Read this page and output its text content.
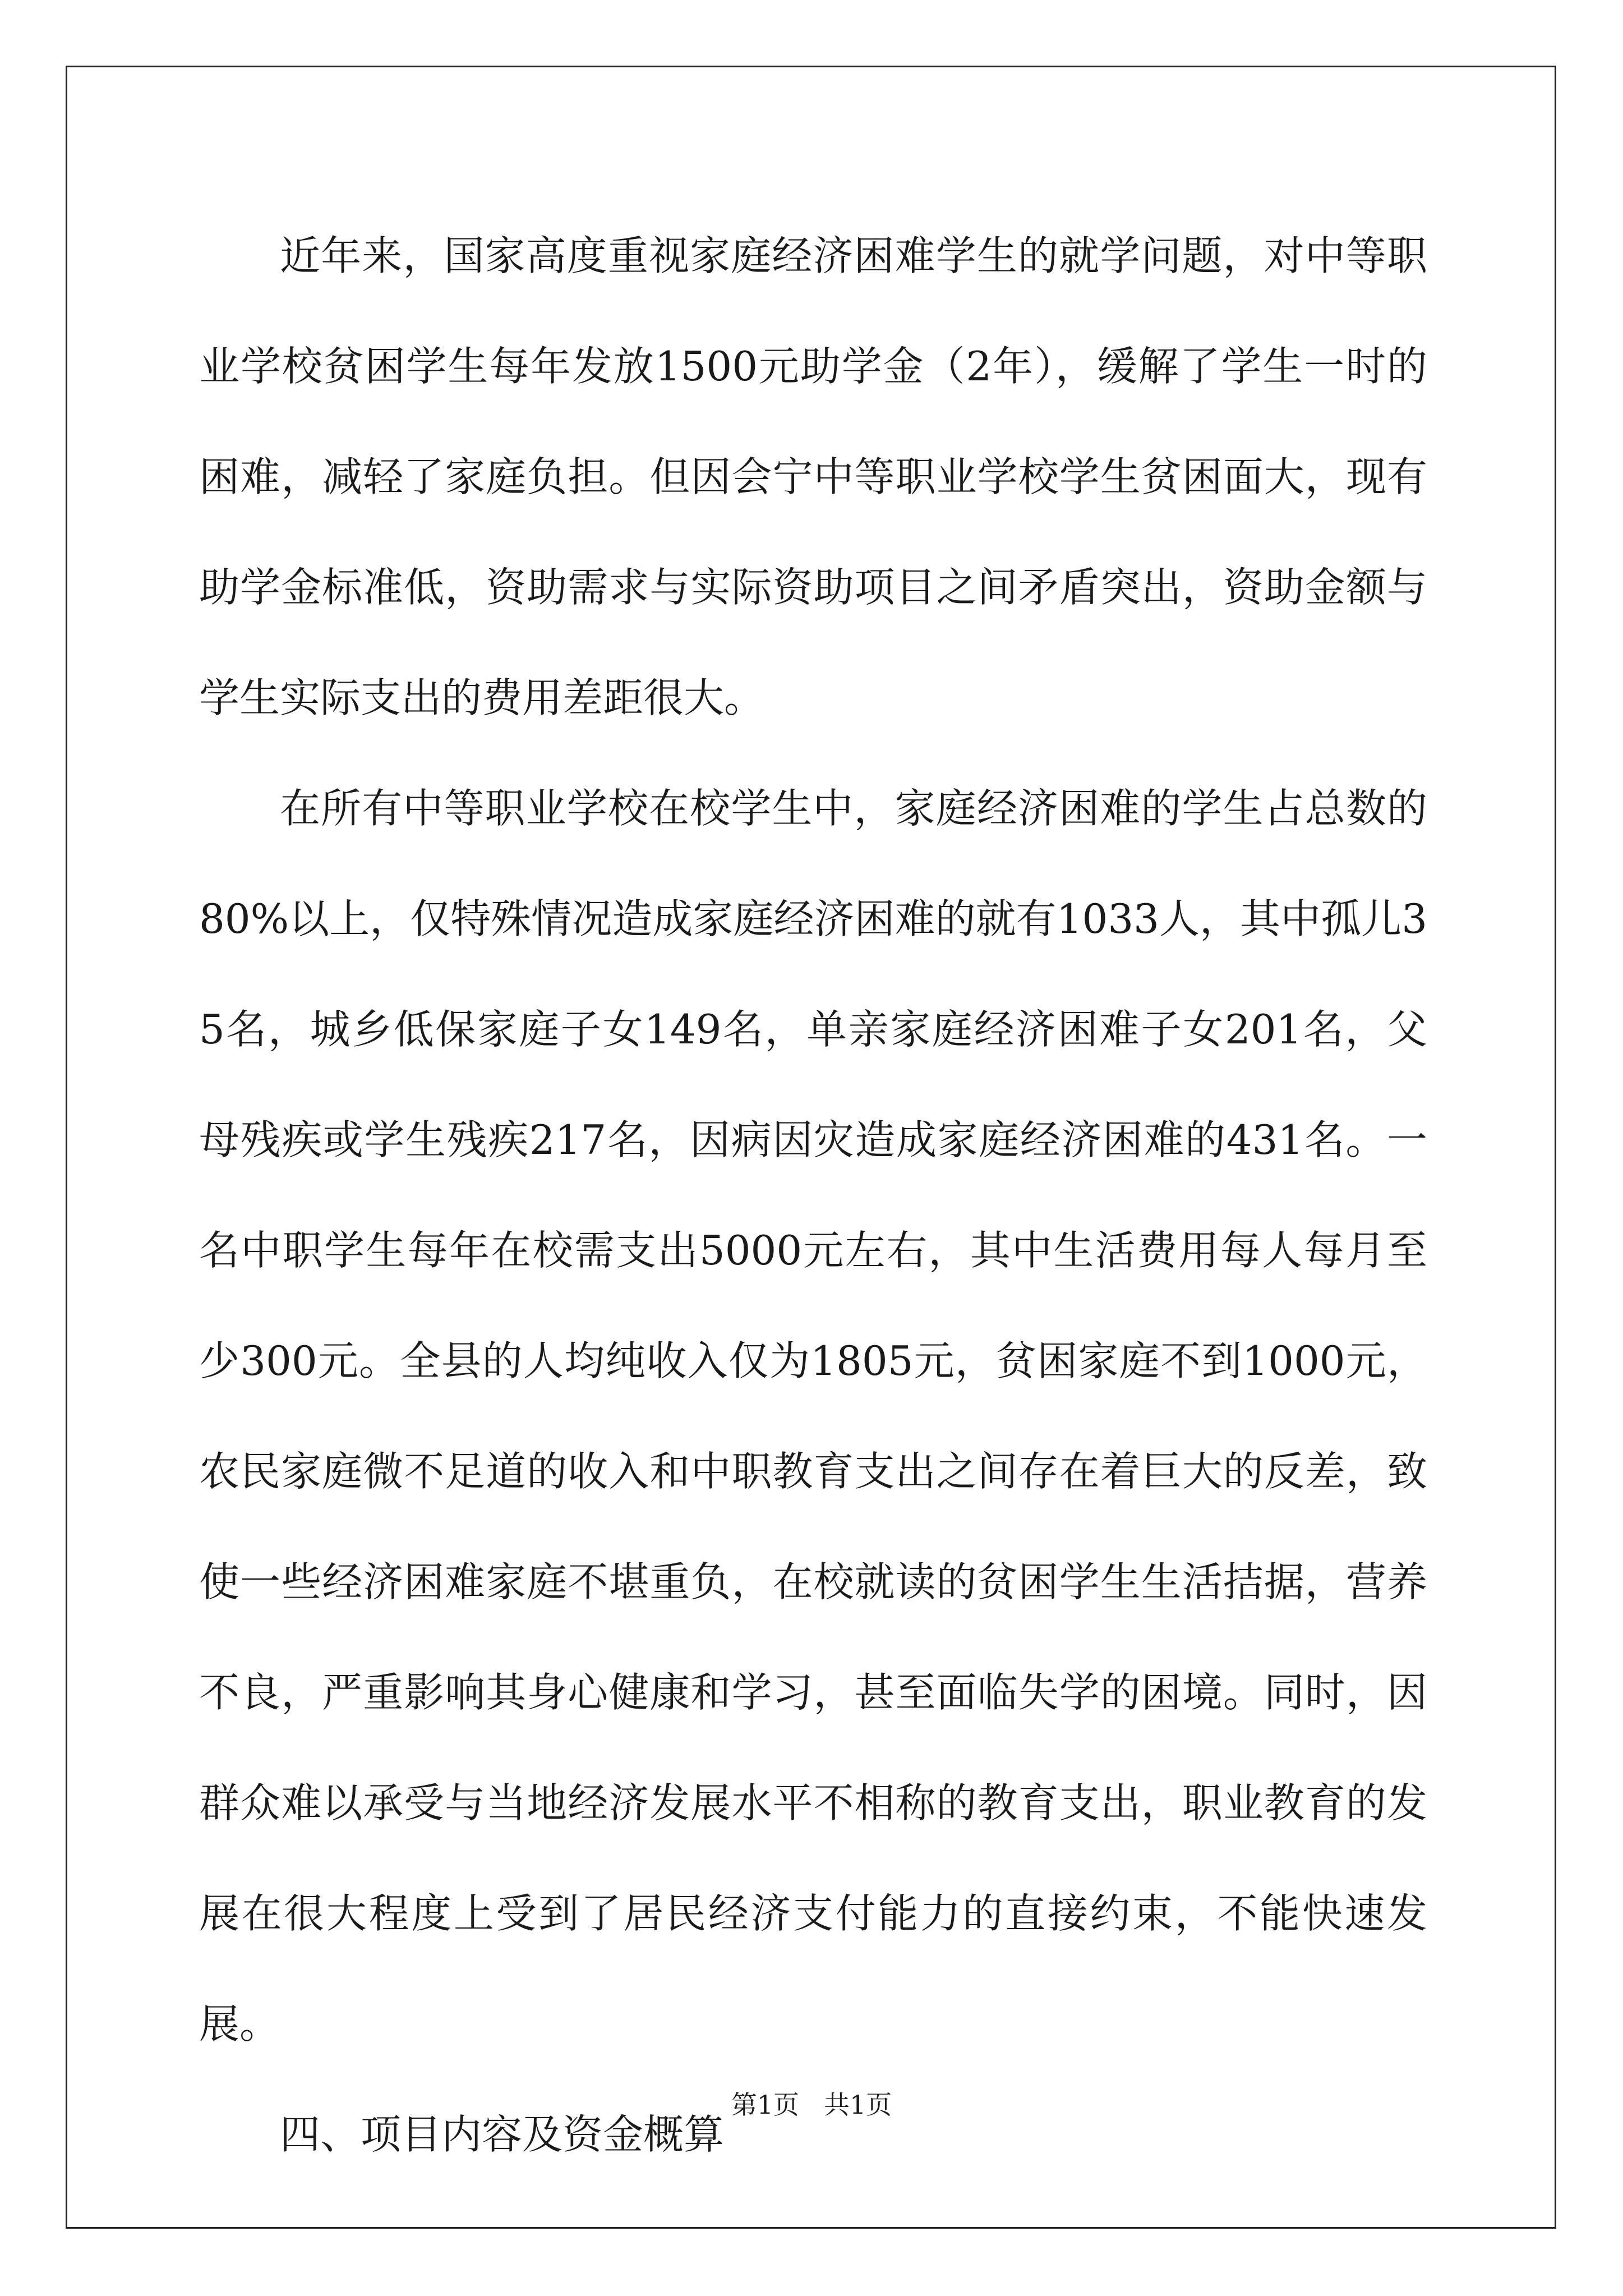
近年来，国家高度重视家庭经济困难学生的就学问题，对中等职业学校贫困学生每年发放1500元助学金（2年），缓解了学生一时的困难，减轻了家庭负担。但因会宁中等职业学校学生贫困面大，现有助学金标准低，资助需求与实际资助项目之间矛盾突出，资助金额与学生实际支出的费用差距很大。

在所有中等职业学校在校学生中，家庭经济困难的学生占总数的80%以上，仅特殊情况造成家庭经济困难的就有1033人，其中孤儿35名，城乡低保家庭子女149名，单亲家庭经济困难子女201名，父母残疾或学生残疾217名，因病因灾造成家庭经济困难的431名。一名中职学生每年在校需支出5000元左右，其中生活费用每人每月至少300元。全县的人均纯收入仅为1805元，贫困家庭不到1000元，农民家庭微不足道的收入和中职教育支出之间存在着巨大的反差，致使一些经济困难家庭不堪重负，在校就读的贫困学生生活拮据，营养不良，严重影响其身心健康和学习，甚至面临失学的困境。同时，因群众难以承受与当地经济发展水平不相称的教育支出，职业教育的发展在很大程度上受到了居民经济支付能力的直接约束，不能快速发展。

四、项目内容及资金概算

第1页 共1页
